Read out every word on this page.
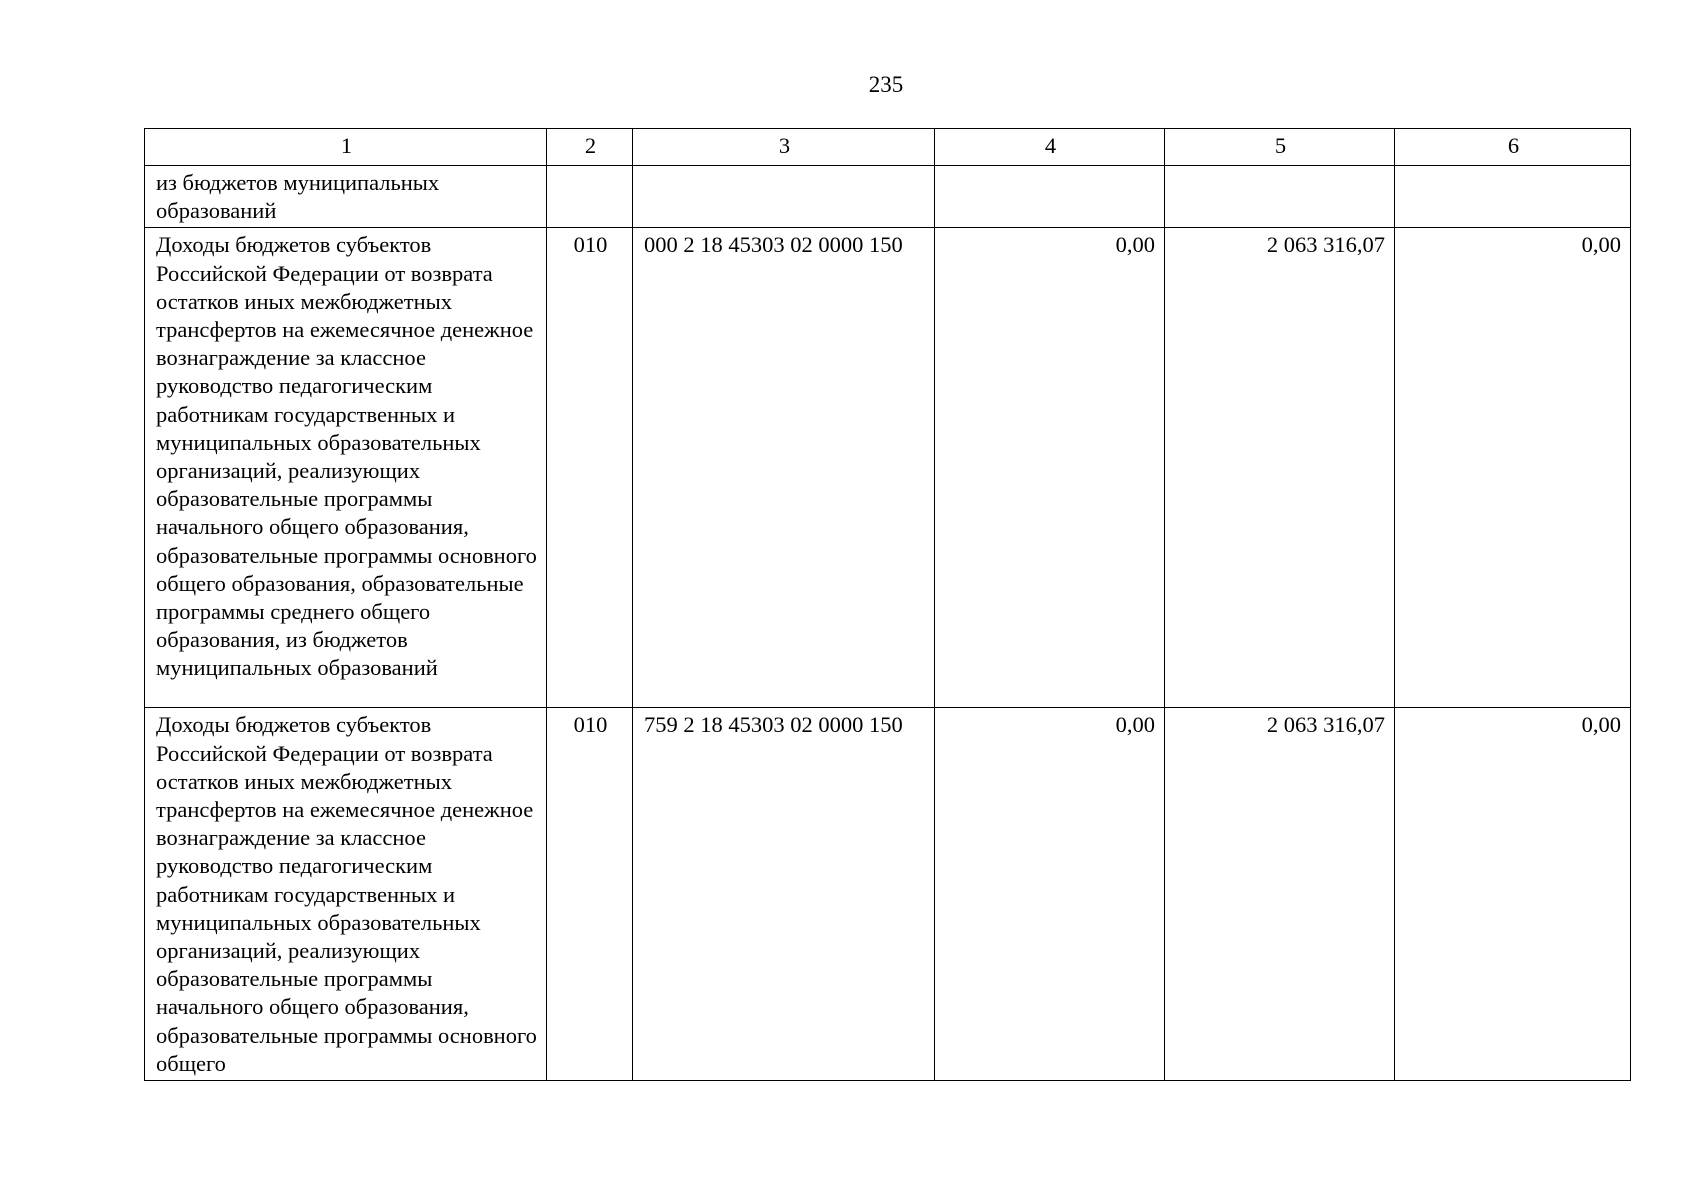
235
1	2	3	4	5	6
из бюджетов муниципальных образований					
Доходы бюджетов субъектов Российской Федерации от возврата остатков иных межбюджетных трансфертов на ежемесячное денежное вознаграждение за классное руководство педагогическим работникам государственных и муниципальных образовательных организаций, реализующих образовательные программы начального общего образования, образовательные программы основного общего образования, образовательные программы среднего общего образования, из бюджетов муниципальных образований	010	000 2 18 45303 02 0000 150	0,00	2 063 316,07	0,00
Доходы бюджетов субъектов Российской Федерации от возврата остатков иных межбюджетных трансфертов на ежемесячное денежное вознаграждение за классное руководство педагогическим работникам государственных и муниципальных образовательных организаций, реализующих образовательные программы начального общего образования, образовательные программы основного общего	010	759 2 18 45303 02 0000 150	0,00	2 063 316,07	0,00
